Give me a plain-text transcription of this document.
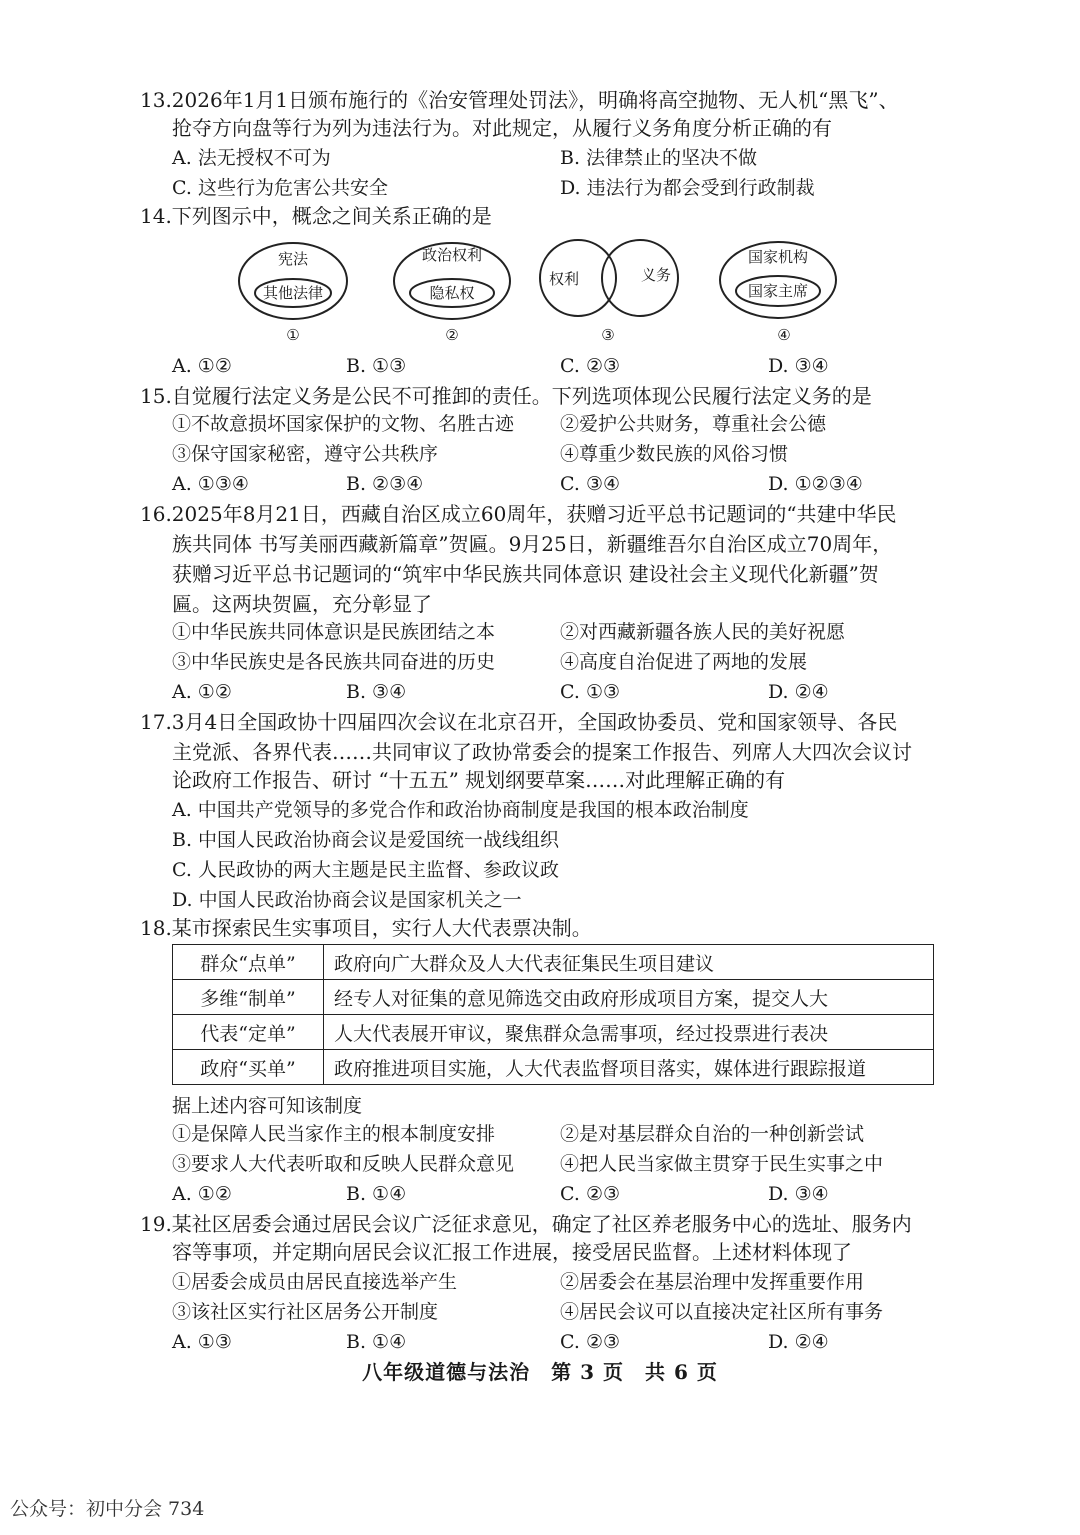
13.2026年1月1日颁布施行的《治安管理处罚法》，明确将高空抛物、无人机“黑飞”、
抢夺方向盘等行为列为违法行为。对此规定，从履行义务角度分析正确的有
A. 法无授权不可为	B. 法律禁止的坚决不做
C. 这些行为危害公共安全	D. 违法行为都会受到行政制裁
14.下列图示中，概念之间关系正确的是
宪法
其他法律
①
政治权利
隐私权
②
权利	义务
③
国家机构
国家主席
④
A. ①②	B. ①③	C. ②③	D. ③④
15.自觉履行法定义务是公民不可推卸的责任。下列选项体现公民履行法定义务的是
①不故意损坏国家保护的文物、名胜古迹 ②爱护公共财务，尊重社会公德
③保守国家秘密，遵守公共秩序	④尊重少数民族的风俗习惯
A. ①③④	B. ②③④	C. ③④	D. ①②③④
16.2025年8月21日，西藏自治区成立60周年，获赠习近平总书记题词的“共建中华民
族共同体 书写美丽西藏新篇章”贺匾。9月25日，新疆维吾尔自治区成立70周年，
获赠习近平总书记题词的“筑牢中华民族共同体意识 建设社会主义现代化新疆”贺
匾。这两块贺匾，充分彰显了
①中华民族共同体意识是民族团结之本	②对西藏新疆各族人民的美好祝愿
③中华民族史是各民族共同奋进的历史	④高度自治促进了两地的发展
A. ①②	B. ③④	C. ①③	D. ②④
17.3月4日全国政协十四届四次会议在北京召开，全国政协委员、党和国家领导、各民
主党派、各界代表……共同审议了政协常委会的提案工作报告、列席人大四次会议讨
论政府工作报告、研讨 “十五五” 规划纲要草案……对此理解正确的有
A. 中国共产党领导的多党合作和政治协商制度是我国的根本政治制度
B. 中国人民政治协商会议是爱国统一战线组织
C. 人民政协的两大主题是民主监督、参政议政
D. 中国人民政治协商会议是国家机关之一
18.某市探索民生实事项目，实行人大代表票决制。
群众“点单”	政府向广大群众及人大代表征集民生项目建议
多维“制单”	经专人对征集的意见筛选交由政府形成项目方案，提交人大
代表“定单”	人大代表展开审议，聚焦群众急需事项，经过投票进行表决
政府“买单”	政府推进项目实施，人大代表监督项目落实，媒体进行跟踪报道
据上述内容可知该制度
①是保障人民当家作主的根本制度安排	②是对基层群众自治的一种创新尝试
③要求人大代表听取和反映人民群众意见 ④把人民当家做主贯穿于民生实事之中
A. ①②	B. ①④	C. ②③	D. ③④
19.某社区居委会通过居民会议广泛征求意见，确定了社区养老服务中心的选址、服务内
容等事项，并定期向居民会议汇报工作进展，接受居民监督。上述材料体现了
①居委会成员由居民直接选举产生	②居委会在基层治理中发挥重要作用
③该社区实行社区居务公开制度	④居民会议可以直接决定社区所有事务
A. ①③	B. ①④	C. ②③	D. ②④
八年级道德与法治　第 3 页　共 6 页
公众号：初中分会 734
